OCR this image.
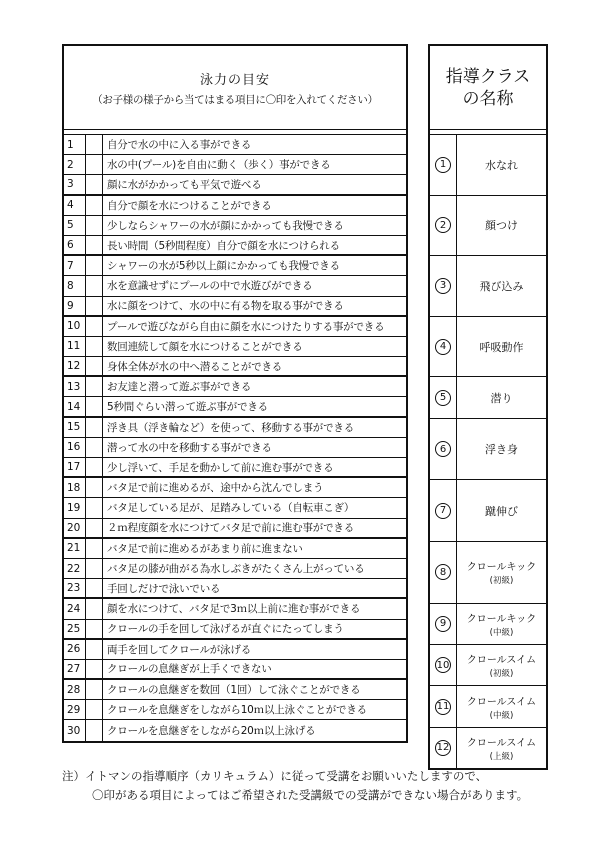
泳力の目安
（お子様の様子から当てはまる項目に〇印を入れてください）
1	自分で水の中に入る事ができる
2	水の中(プール)を自由に動く（歩く）事ができる
3	顔に水がかかっても平気で遊べる
4	自分で顔を水につけることができる
5	少しならシャワーの水が顔にかかっても我慢できる
6	長い時間（5秒間程度）自分で顔を水につけられる
7	シャワーの水が5秒以上顔にかかっても我慢できる
8	水を意識せずにプールの中で水遊びができる
9	水に顔をつけて、水の中に有る物を取る事ができる
10	プールで遊びながら自由に顔を水につけたりする事ができる
11	数回連続して顔を水につけることができる
12	身体全体が水の中へ潜ることができる
13	お友達と潜って遊ぶ事ができる
14	5秒間ぐらい潜って遊ぶ事ができる
15	浮き具（浮き輪など）を使って、移動する事ができる
16	潜って水の中を移動する事ができる
17	少し浮いて、手足を動かして前に進む事ができる
18	バタ足で前に進めるが、途中から沈んでしまう
19	バタ足している足が、足踏みしている（自転車こぎ）
20	２ｍ程度顔を水につけてバタ足で前に進む事ができる
21	バタ足で前に進めるがあまり前に進まない
22	バタ足の膝が曲がる為水しぶきがたくさん上がっている
23	手回しだけで泳いでいる
24	顔を水につけて、バタ足で3ｍ以上前に進む事ができる
25	クロールの手を回して泳げるが直ぐにたってしまう
26	両手を回してクロールが泳げる
27	クロールの息継ぎが上手くできない
28	クロールの息継ぎを数回（1回）して泳ぐことができる
29	クロールを息継ぎをしながら10ｍ以上泳ぐことができる
30	クロールを息継ぎをしながら20ｍ以上泳げる
指導クラス
の名称
1	水なれ
2	顔つけ
3	飛び込み
4	呼吸動作
5	潜り
6	浮き身
7	蹴伸び
8	クロールキック
(初級)
9	クロールキック
(中級)
10 クロールスイム
(初級)
11 クロールスイム
(中級)
12 クロールスイム
(上級)
注）イトマンの指導順序（カリキュラム）に従って受講をお願いいたしますので、
〇印がある項目によってはご希望された受講級での受講ができない場合があります。
